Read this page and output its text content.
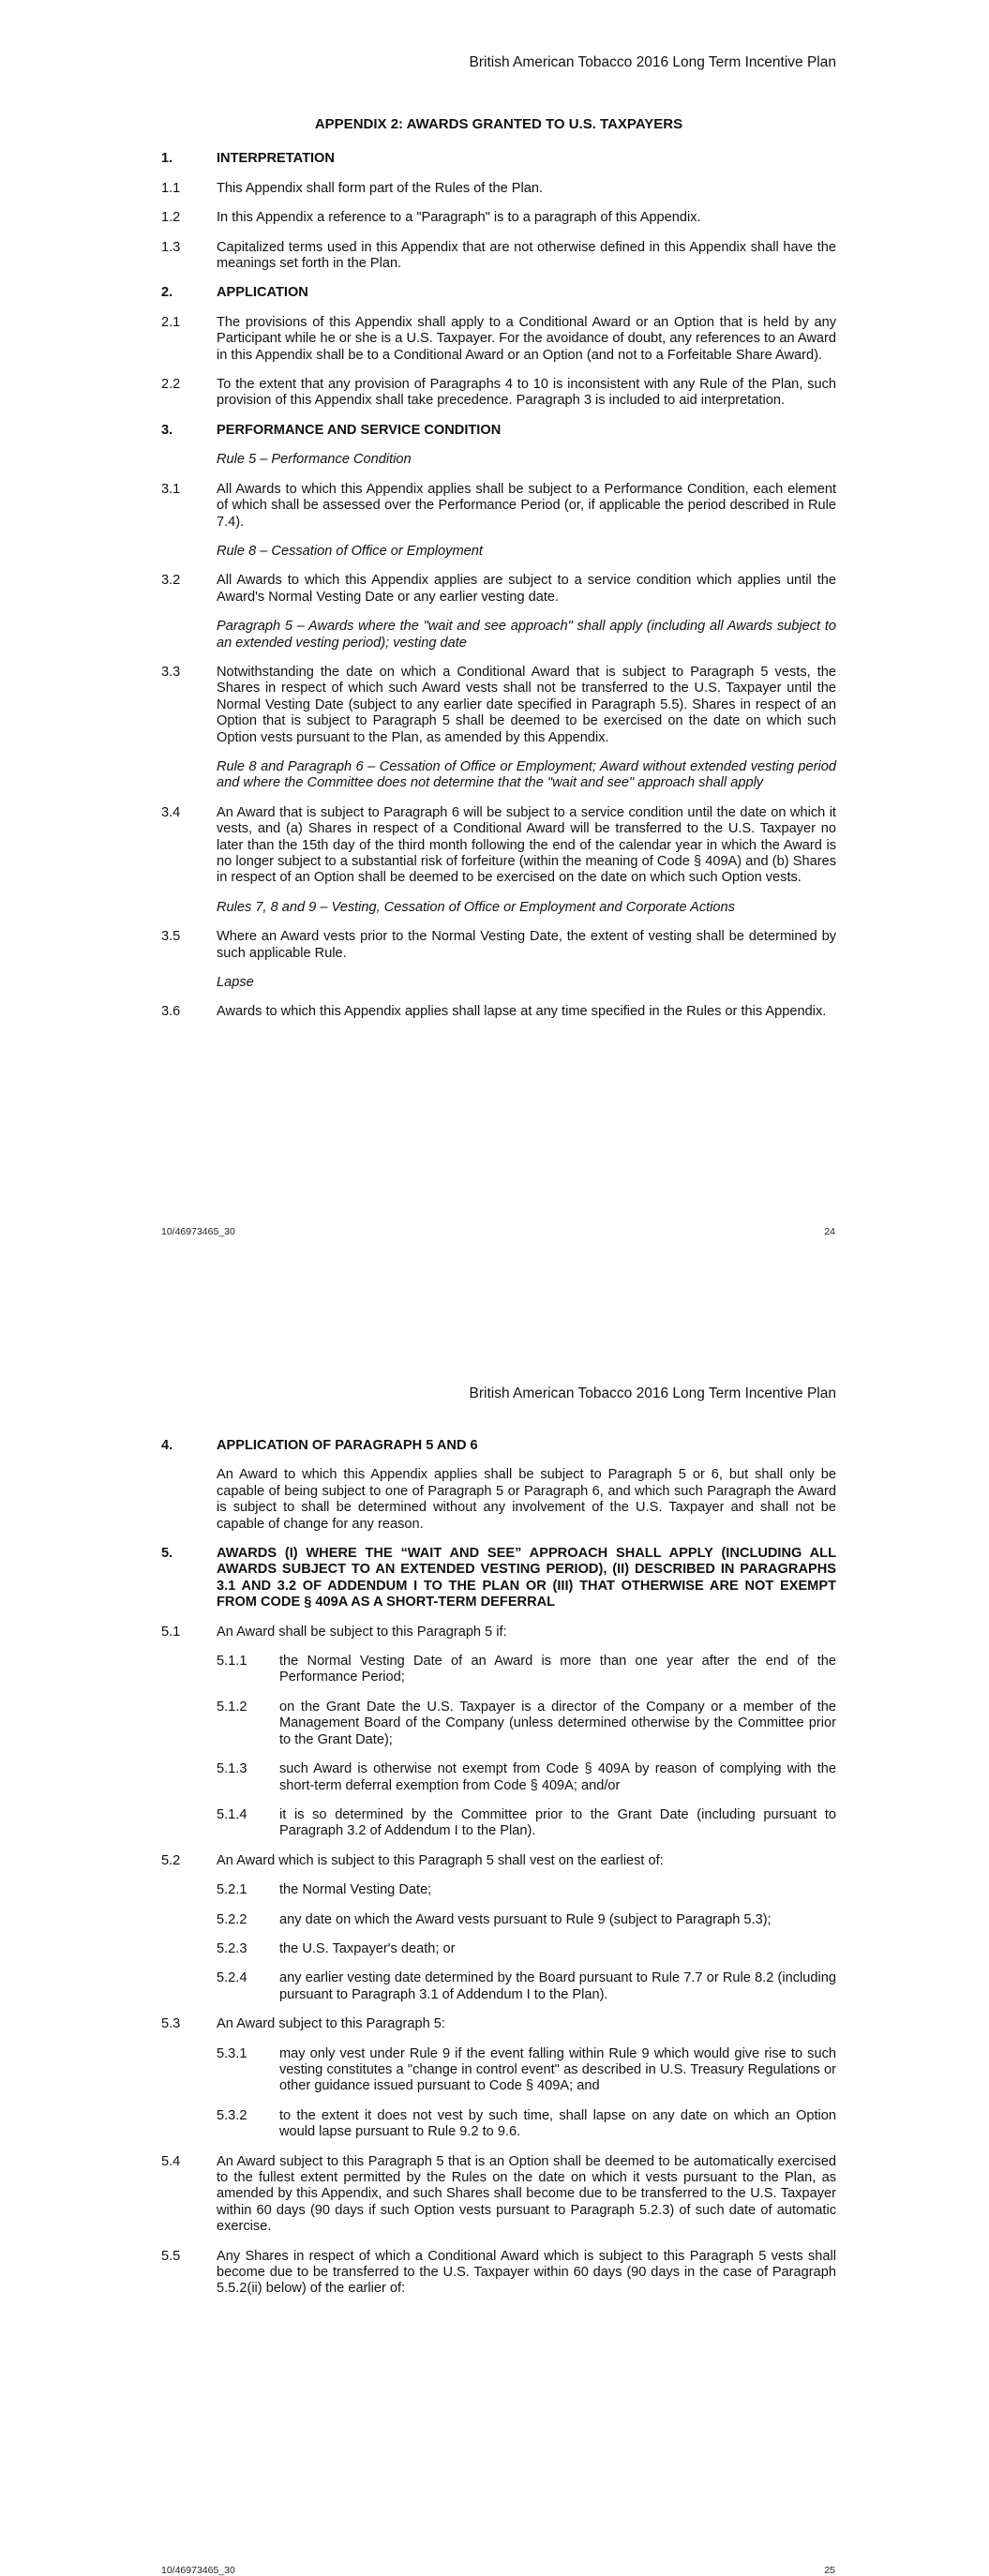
British American Tobacco 2016 Long Term Incentive Plan
APPENDIX 2: AWARDS GRANTED TO U.S. TAXPAYERS
1.	INTERPRETATION
1.1	This Appendix shall form part of the Rules of the Plan.
1.2	In this Appendix a reference to a "Paragraph" is to a paragraph of this Appendix.
1.3	Capitalized terms used in this Appendix that are not otherwise defined in this Appendix shall have the meanings set forth in the Plan.
2.	APPLICATION
2.1	The provisions of this Appendix shall apply to a Conditional Award or an Option that is held by any Participant while he or she is a U.S. Taxpayer. For the avoidance of doubt, any references to an Award in this Appendix shall be to a Conditional Award or an Option (and not to a Forfeitable Share Award).
2.2	To the extent that any provision of Paragraphs 4 to 10 is inconsistent with any Rule of the Plan, such provision of this Appendix shall take precedence. Paragraph 3 is included to aid interpretation.
3.	PERFORMANCE AND SERVICE CONDITION
Rule 5 – Performance Condition
3.1	All Awards to which this Appendix applies shall be subject to a Performance Condition, each element of which shall be assessed over the Performance Period (or, if applicable the period described in Rule 7.4).
Rule 8 – Cessation of Office or Employment
3.2	All Awards to which this Appendix applies are subject to a service condition which applies until the Award's Normal Vesting Date or any earlier vesting date.
Paragraph 5 – Awards where the "wait and see approach" shall apply (including all Awards subject to an extended vesting period); vesting date
3.3	Notwithstanding the date on which a Conditional Award that is subject to Paragraph 5 vests, the Shares in respect of which such Award vests shall not be transferred to the U.S. Taxpayer until the Normal Vesting Date (subject to any earlier date specified in Paragraph 5.5). Shares in respect of an Option that is subject to Paragraph 5 shall be deemed to be exercised on the date on which such Option vests pursuant to the Plan, as amended by this Appendix.
Rule 8 and Paragraph 6 – Cessation of Office or Employment; Award without extended vesting period and where the Committee does not determine that the "wait and see" approach shall apply
3.4	An Award that is subject to Paragraph 6 will be subject to a service condition until the date on which it vests, and (a) Shares in respect of a Conditional Award will be transferred to the U.S. Taxpayer no later than the 15th day of the third month following the end of the calendar year in which the Award is no longer subject to a substantial risk of forfeiture (within the meaning of Code § 409A) and (b) Shares in respect of an Option shall be deemed to be exercised on the date on which such Option vests.
Rules 7, 8 and 9 – Vesting, Cessation of Office or Employment and Corporate Actions
3.5	Where an Award vests prior to the Normal Vesting Date, the extent of vesting shall be determined by such applicable Rule.
Lapse
3.6	Awards to which this Appendix applies shall lapse at any time specified in the Rules or this Appendix.
10/46973465_30	24
British American Tobacco 2016 Long Term Incentive Plan
4.	APPLICATION OF PARAGRAPH 5 AND 6
An Award to which this Appendix applies shall be subject to Paragraph 5 or 6, but shall only be capable of being subject to one of Paragraph 5 or Paragraph 6, and which such Paragraph the Award is subject to shall be determined without any involvement of the U.S. Taxpayer and shall not be capable of change for any reason.
5.	AWARDS (I) WHERE THE “WAIT AND SEE” APPROACH SHALL APPLY (INCLUDING ALL AWARDS SUBJECT TO AN EXTENDED VESTING PERIOD), (II) DESCRIBED IN PARAGRAPHS 3.1 AND 3.2 OF ADDENDUM I TO THE PLAN OR (III) THAT OTHERWISE ARE NOT EXEMPT FROM CODE § 409A AS A SHORT-TERM DEFERRAL
5.1	An Award shall be subject to this Paragraph 5 if:
5.1.1	the Normal Vesting Date of an Award is more than one year after the end of the Performance Period;
5.1.2	on the Grant Date the U.S. Taxpayer is a director of the Company or a member of the Management Board of the Company (unless determined otherwise by the Committee prior to the Grant Date);
5.1.3	such Award is otherwise not exempt from Code § 409A by reason of complying with the short-term deferral exemption from Code § 409A; and/or
5.1.4	it is so determined by the Committee prior to the Grant Date (including pursuant to Paragraph 3.2 of Addendum I to the Plan).
5.2	An Award which is subject to this Paragraph 5 shall vest on the earliest of:
5.2.1	the Normal Vesting Date;
5.2.2	any date on which the Award vests pursuant to Rule 9 (subject to Paragraph 5.3);
5.2.3	the U.S. Taxpayer's death; or
5.2.4	any earlier vesting date determined by the Board pursuant to Rule 7.7 or Rule 8.2 (including pursuant to Paragraph 3.1 of Addendum I to the Plan).
5.3	An Award subject to this Paragraph 5:
5.3.1	may only vest under Rule 9 if the event falling within Rule 9 which would give rise to such vesting constitutes a "change in control event" as described in U.S. Treasury Regulations or other guidance issued pursuant to Code § 409A; and
5.3.2	to the extent it does not vest by such time, shall lapse on any date on which an Option would lapse pursuant to Rule 9.2 to 9.6.
5.4	An Award subject to this Paragraph 5 that is an Option shall be deemed to be automatically exercised to the fullest extent permitted by the Rules on the date on which it vests pursuant to the Plan, as amended by this Appendix, and such Shares shall become due to be transferred to the U.S. Taxpayer within 60 days (90 days if such Option vests pursuant to Paragraph 5.2.3) of such date of automatic exercise.
5.5	Any Shares in respect of which a Conditional Award which is subject to this Paragraph 5 vests shall become due to be transferred to the U.S. Taxpayer within 60 days (90 days in the case of Paragraph 5.5.2(ii) below) of the earlier of:
10/46973465_30	25
